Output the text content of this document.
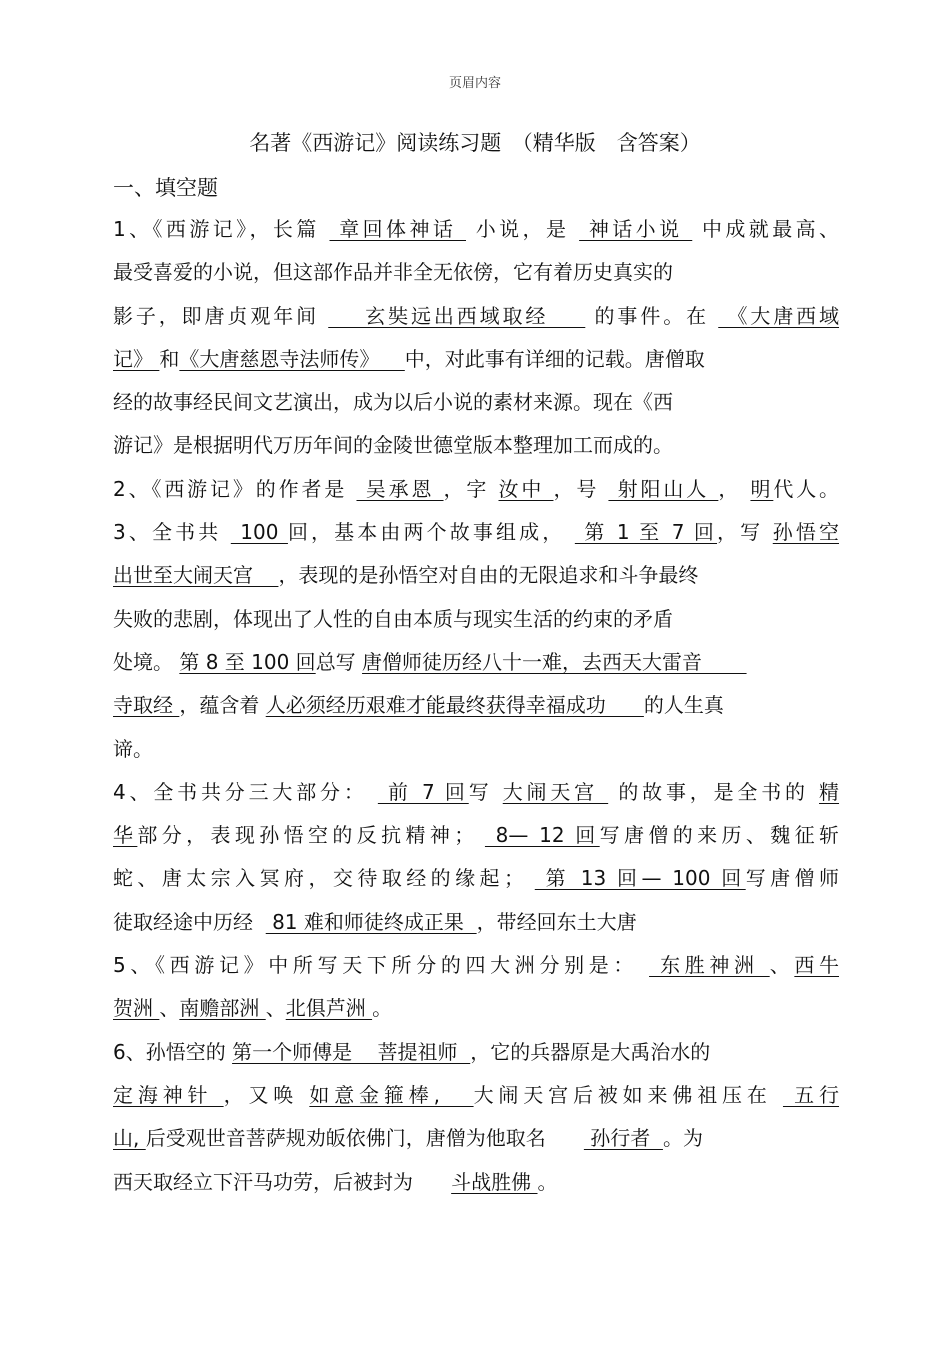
页眉内容
名著《西游记》阅读练习题　（精华版　含答案）
一、填空题
1、《西游记》，长篇  章回体神话  小说，是  神话小说  中成就最高、
最受喜爱的小说，但这部作品并非全无依傍，它有着历史真实的
影子，即唐贞观年间     玄奘远出西域取经     的事件。在  《大唐西域
记》 和《大唐慈恩寺法师传》    中，对此事有详细的记载。唐僧取
经的故事经民间文艺演出，成为以后小说的素材来源。现在《西
游记》是根据明代万历年间的金陵世德堂版本整理加工而成的。
2、《西游记》的作者是  吴承恩 ，字 汝中 ，号  射阳山人 ， 明代人。
3、全书共  100 回，基本由两个故事组成，  第 1 至 7 回，写 孙悟空
出世至大闹天宫    ，表现的是孙悟空对自由的无限追求和斗争最终
失败的悲剧，体现出了人性的自由本质与现实生活的约束的矛盾
处境。 第 8 至 100 回总写 唐僧师徒历经八十一难，去西天大雷音
寺取经 ，蕴含着 人必须经历艰难才能最终获得幸福成功      的人生真
谛。
4、全书共分三大部分：  前 7 回写 大闹天宫  的故事，是全书的 精
华部分，表现孙悟空的反抗精神；  8— 12 回写唐僧的来历、魏征斩
蛇、唐太宗入冥府，交待取经的缘起；  第 13 回— 100 回写唐僧师
徒取经途中历经   81 难和师徒终成正果  ，带经回东土大唐
5、《西游记》中所写天下所分的四大洲分别是：  东胜神洲 、西牛
贺洲 、南赡部洲 、北俱芦洲 。
6、孙悟空的 第一个师傅是    菩提祖师  ，它的兵器原是大禹治水的
定海神针 ，又唤 如意金箍棒,   大闹天宫后被如来佛祖压在  五行
山, 后受观世音菩萨规劝皈依佛门，唐僧为他取名       孙行者  。为
西天取经立下汗马功劳，后被封为      斗战胜佛 。
